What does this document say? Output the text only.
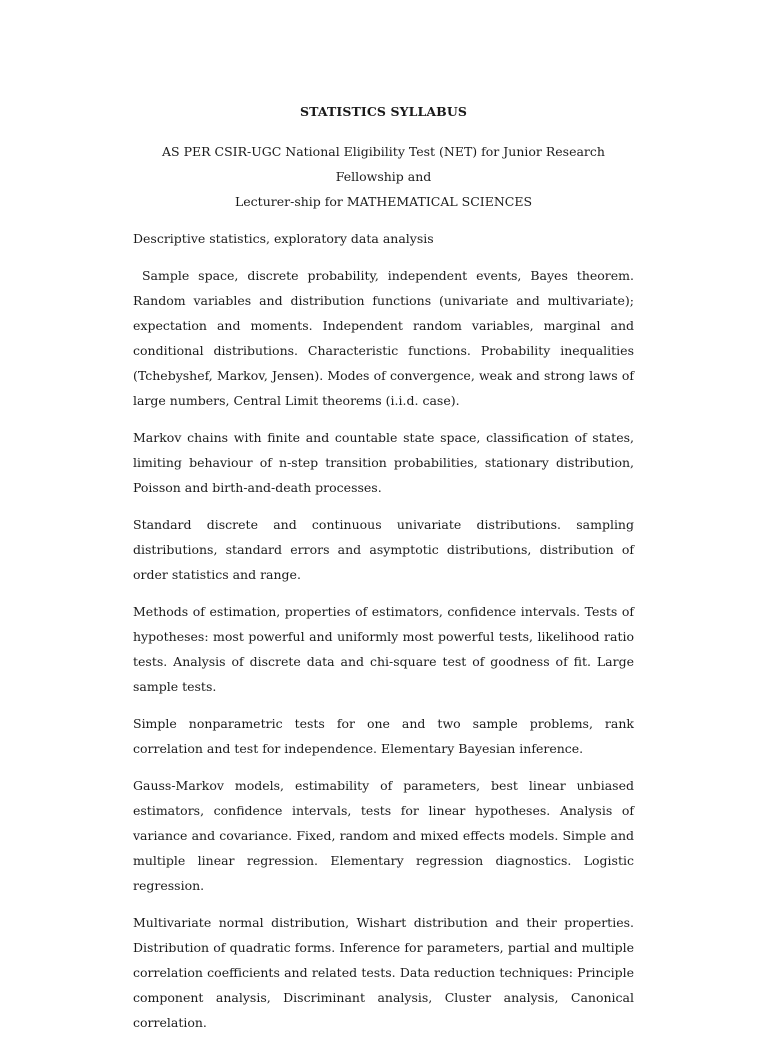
STATISTICS SYLLABUS
AS PER CSIR-UGC National Eligibility Test (NET) for Junior Research Fellowship and
Lecturer-ship for MATHEMATICAL SCIENCES

Descriptive statistics, exploratory data analysis

Sample space, discrete probability, independent events, Bayes theorem. Random variables and distribution functions (univariate and multivariate); expectation and moments. Independent random variables, marginal and conditional distributions. Characteristic functions. Probability inequalities (Tchebyshef, Markov, Jensen). Modes of convergence, weak and strong laws of large numbers, Central Limit theorems (i.i.d. case).

Markov chains with finite and countable state space, classification of states, limiting behaviour of n-step transition probabilities, stationary distribution, Poisson and birth-and-death processes.

Standard discrete and continuous univariate distributions. sampling distributions, standard errors and asymptotic distributions, distribution of order statistics and range.

Methods of estimation, properties of estimators, confidence intervals. Tests of hypotheses: most powerful and uniformly most powerful tests, likelihood ratio tests. Analysis of discrete data and chi-square test of goodness of fit. Large sample tests.

Simple nonparametric tests for one and two sample problems, rank correlation and test for independence. Elementary Bayesian inference.

Gauss-Markov models, estimability of parameters, best linear unbiased estimators, confidence intervals, tests for linear hypotheses. Analysis of variance and covariance. Fixed, random and mixed effects models. Simple and multiple linear regression. Elementary regression diagnostics. Logistic regression.

Multivariate normal distribution, Wishart distribution and their properties. Distribution of quadratic forms. Inference for parameters, partial and multiple correlation coefficients and related tests. Data reduction techniques: Principle component analysis, Discriminant analysis, Cluster analysis, Canonical correlation.
